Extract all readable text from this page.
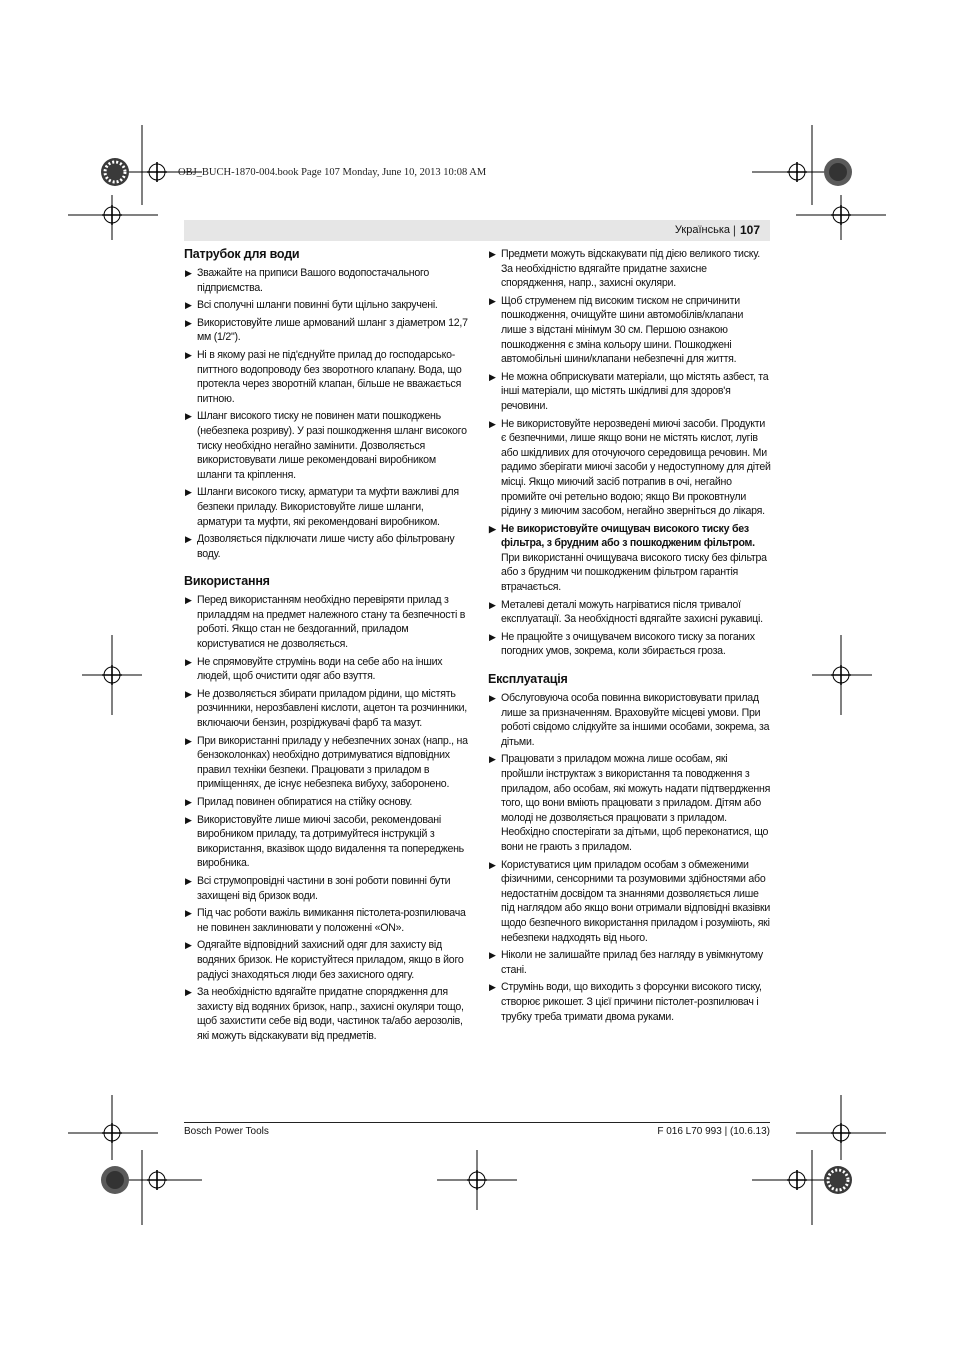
OBJ_BUCH-1870-004.book Page 107 Monday, June 10, 2013 10:08 AM
Українська
| 107
Патрубок для води
▶ Зважайте на приписи Вашого водопостачального підприємства.
▶ Всі сполучні шланги повинні бути щільно закручені.
▶ Використовуйте лише армований шланг з діаметром 12,7 мм (1/2").
▶ Ні в якому разі не під'єднуйте прилад до господарсько-питтного водопроводу без зворотного клапану. Вода, що протекла через зворотній клапан, більше не вважається питною.
▶ Шланг високого тиску не повинен мати пошкоджень (небезпека розриву). У разі пошкодження шланг високого тиску необхідно негайно замінити. Дозволяється використовувати лише рекомендовані виробником шланги та кріплення.
▶ Шланги високого тиску, арматури та муфти важливі для безпеки приладу. Використовуйте лише шланги, арматури та муфти, які рекомендовані виробником.
▶ Дозволяється підключати лише чисту або фільтровану воду.
Використання
▶ Перед використанням необхідно перевіряти прилад з приладдям на предмет належного стану та безпечності в роботі. Якщо стан не бездоганний, приладом користуватися не дозволяється.
▶ Не спрямовуйте струмінь води на себе або на інших людей, щоб очистити одяг або взуття.
▶ Не дозволяється збирати приладом рідини, що містять розчинники, нерозбавлені кислоти, ацетон та розчинники, включаючи бензин, розріджувачі фарб та мазут.
▶ При використанні приладу у небезпечних зонах (напр., на бензоколонках) необхідно дотримуватися відповідних правил техніки безпеки. Працювати з приладом в приміщеннях, де існує небезпека вибуху, заборонено.
▶ Прилад повинен обпиратися на стійку основу.
▶ Використовуйте лише миючі засоби, рекомендовані виробником приладу, та дотримуйтеся інструкцій з використання, вказівок щодо видалення та попереджень виробника.
▶ Всі струмопровідні частини в зоні роботи повинні бути захищені від бризок води.
▶ Під час роботи важіль вимикання пістолета-розпилювача не повинен заклинювати у положенні «ON».
▶ Одягайте відповідний захисний одяг для захисту від водяних бризок. Не користуйтеся приладом, якщо в його радіусі знаходяться люди без захисного одягу.
▶ За необхідністю вдягайте придатне спорядження для захисту від водяних бризок, напр., захисні окуляри тощо, щоб захистити себе від води, частинок та/або аерозолів, які можуть відскакувати від предметів.
▶ Предмети можуть відскакувати під дією великого тиску. За необхідністю вдягайте придатне захисне спорядження, напр., захисні окуляри.
▶ Щоб струменем під високим тиском не спричинити пошкодження, очищуйте шини автомобілів/клапани лише з відстані мінімум 30 см. Першою ознакою пошкодження є зміна кольору шини. Пошкоджені автомобільні шини/клапани небезпечні для життя.
▶ Не можна обприскувати матеріали, що містять азбест, та інші матеріали, що містять шкідливі для здоров'я речовини.
▶ Не використовуйте нерозведені миючі засоби. Продукти є безпечними, лише якщо вони не містять кислот, лугів або шкідливих для оточуючого середовища речовин. Ми радимо зберігати миючі засоби у недоступному для дітей місці. Якщо миючий засіб потрапив в очі, негайно промийте очі ретельно водою; якщо Ви проковтнули рідину з миючим засобом, негайно зверніться до лікаря.
▶ Не використовуйте очищувач високого тиску без фільтра, з брудним або з пошкодженим фільтром. При використанні очищувача високого тиску без фільтра або з брудним чи пошкодженим фільтром гарантія втрачається.
▶ Металеві деталі можуть нагріватися після тривалої експлуатації. За необхідності вдягайте захисні рукавиці.
▶ Не працюйте з очищувачем високого тиску за поганих погодних умов, зокрема, коли збирається гроза.
Експлуатація
▶ Обслуговуюча особа повинна використовувати прилад лише за призначенням. Враховуйте місцеві умови. При роботі свідомо слідкуйте за іншими особами, зокрема, за дітьми.
▶ Працювати з приладом можна лише особам, які пройшли інструктаж з використання та поводження з приладом, або особам, які можуть надати підтвердження того, що вони вміють працювати з приладом. Дітям або молоді не дозволяється працювати з приладом. Необхідно спостерігати за дітьми, щоб переконатися, що вони не грають з приладом.
▶ Користуватися цим приладом особам з обмеженими фізичними, сенсорними та розумовими здібностями або недостатнім досвідом та знаннями дозволяється лише під наглядом або якщо вони отримали відповідні вказівки щодо безпечного використання приладом і розуміють, які небезпеки надходять від нього.
▶ Ніколи не залишайте прилад без нагляду в увімкнутому стані.
▶ Струмінь води, що виходить з форсунки високого тиску, створює рикошет. З цієї причини пістолет-розпилювач і трубку треба тримати двома руками.
Bosch Power Tools	F 016 L70 993 | (10.6.13)
